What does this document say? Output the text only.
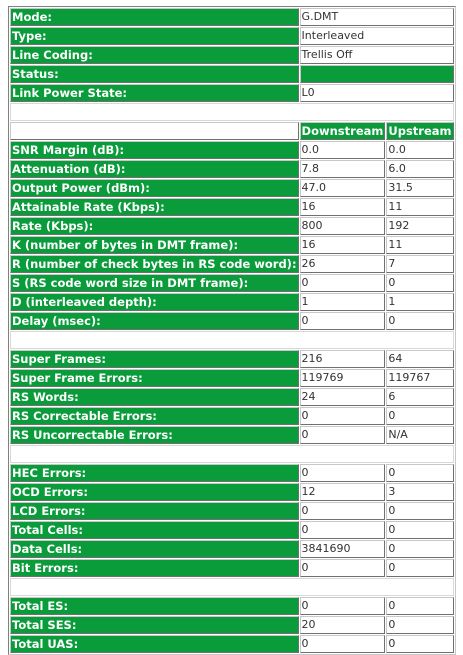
Mode:	G.DMT	
Type:	Interleaved	
Line Coding:	Trellis Off	
Status:		
Link Power State:	L0	

	Downstream	Upstream
SNR Margin (dB):	0.0	0.0
Attenuation (dB):	7.8	6.0
Output Power (dBm):	47.0	31.5
Attainable Rate (Kbps):	16	11
Rate (Kbps):	800	192
K (number of bytes in DMT frame):	16	11
R (number of check bytes in RS code word):	26	7
S (RS code word size in DMT frame):	0	0
D (interleaved depth):	1	1
Delay (msec):	0	0

Super Frames:	216	64
Super Frame Errors:	119769	119767
RS Words:	24	6
RS Correctable Errors:	0	0
RS Uncorrectable Errors:	0	N/A

HEC Errors:	0	0
OCD Errors:	12	3
LCD Errors:	0	0
Total Cells:	0	0
Data Cells:	3841690	0
Bit Errors:	0	0

Total ES:	0	0
Total SES:	20	0
Total UAS:	0	0
